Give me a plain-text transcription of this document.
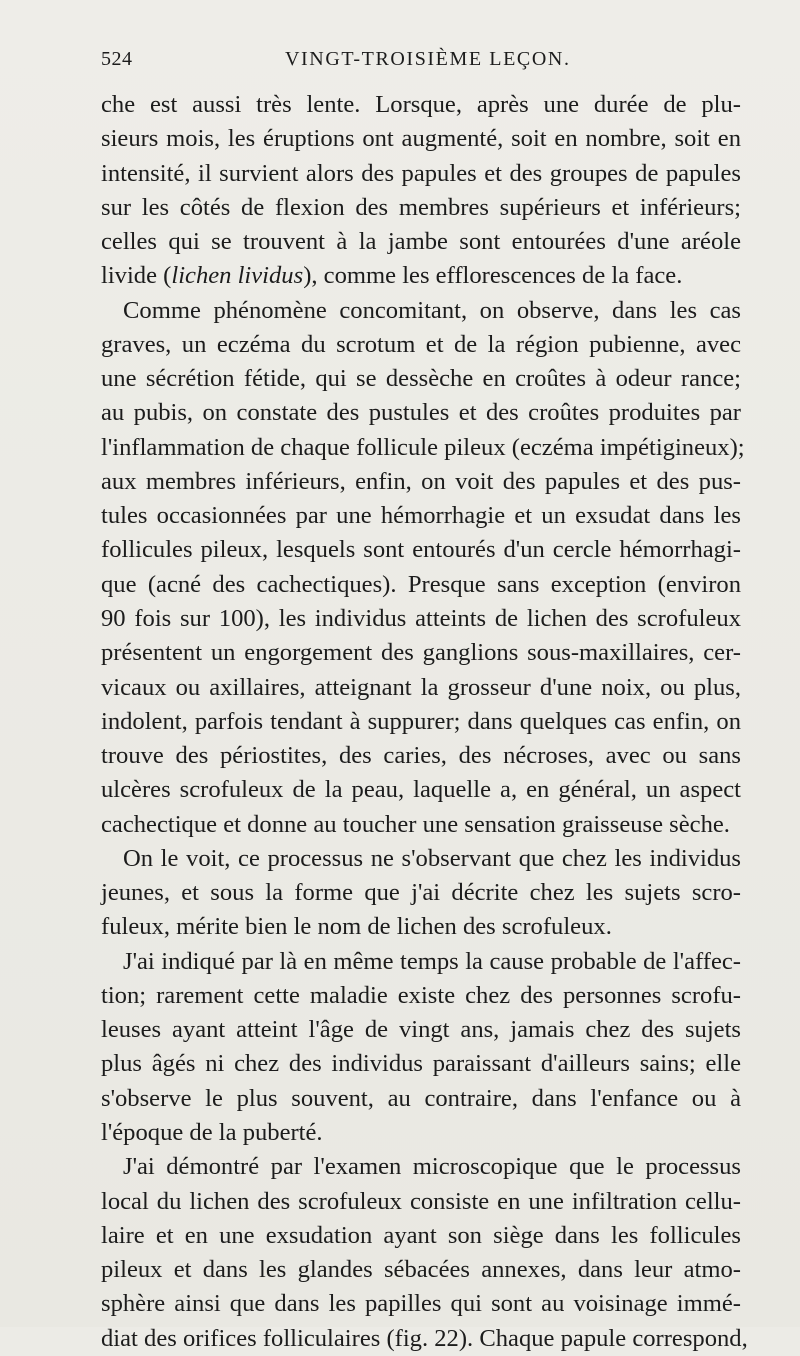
524	VINGT-TROISIÈME LEÇON.
che est aussi très lente. Lorsque, après une durée de plu-
sieurs mois, les éruptions ont augmenté, soit en nombre, soit en
intensité, il survient alors des papules et des groupes de papules
sur les côtés de flexion des membres supérieurs et inférieurs;
celles qui se trouvent à la jambe sont entourées d'une aréole
livide (lichen lividus), comme les efflorescences de la face.
Comme phénomène concomitant, on observe, dans les cas
graves, un eczéma du scrotum et de la région pubienne, avec
une sécrétion fétide, qui se dessèche en croûtes à odeur rance;
au pubis, on constate des pustules et des croûtes produites par
l'inflammation de chaque follicule pileux (eczéma impétigineux);
aux membres inférieurs, enfin, on voit des papules et des pus-
tules occasionnées par une hémorrhagie et un exsudat dans les
follicules pileux, lesquels sont entourés d'un cercle hémorrhagi-
que (acné des cachectiques). Presque sans exception (environ
90 fois sur 100), les individus atteints de lichen des scrofuleux
présentent un engorgement des ganglions sous-maxillaires, cer-
vicaux ou axillaires, atteignant la grosseur d'une noix, ou plus,
indolent, parfois tendant à suppurer; dans quelques cas enfin, on
trouve des périostites, des caries, des nécroses, avec ou sans
ulcères scrofuleux de la peau, laquelle a, en général, un aspect
cachectique et donne au toucher une sensation graisseuse sèche.
On le voit, ce processus ne s'observant que chez les individus
jeunes, et sous la forme que j'ai décrite chez les sujets scro-
fuleux, mérite bien le nom de lichen des scrofuleux.
J'ai indiqué par là en même temps la cause probable de l'affec-
tion; rarement cette maladie existe chez des personnes scrofu-
leuses ayant atteint l'âge de vingt ans, jamais chez des sujets
plus âgés ni chez des individus paraissant d'ailleurs sains; elle
s'observe le plus souvent, au contraire, dans l'enfance ou à
l'époque de la puberté.
J'ai démontré par l'examen microscopique que le processus
local du lichen des scrofuleux consiste en une infiltration cellu-
laire et en une exsudation ayant son siège dans les follicules
pileux et dans les glandes sébacées annexes, dans leur atmo-
sphère ainsi que dans les papilles qui sont au voisinage immé-
diat des orifices folliculaires (fig. 22). Chaque papule correspond,
